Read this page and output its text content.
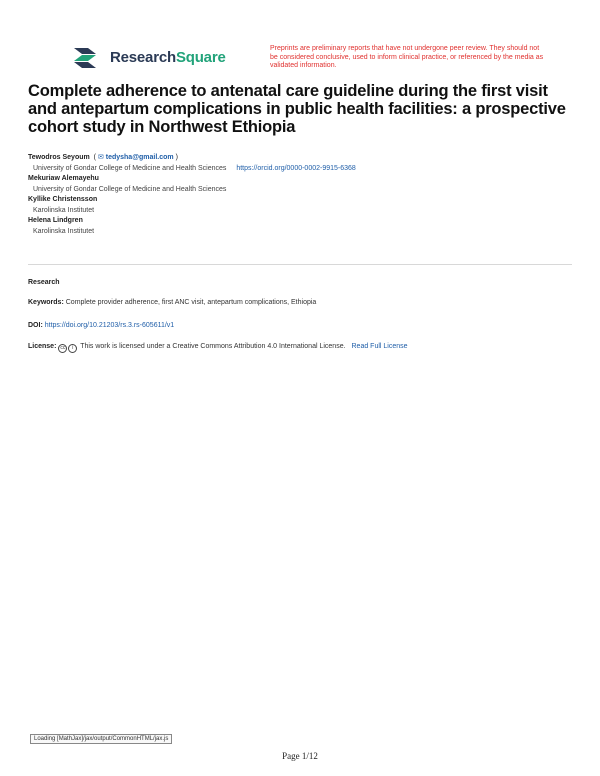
ResearchSquare	Preprints are preliminary reports that have not undergone peer review. They should not be considered conclusive, used to inform clinical practice, or referenced by the media as validated information.
Complete adherence to antenatal care guideline during the first visit and antepartum complications in public health facilities: a prospective cohort study in Northwest Ethiopia
Tewodros Seyoum  ( ✉ tedysha@gmail.com )
University of Gondar College of Medicine and Health Sciences https://orcid.org/0000-0002-9915-6368
Mekuriaw Alemayehu
University of Gondar College of Medicine and Health Sciences
Kyllike Christensson
Karolinska Institutet
Helena Lindgren
Karolinska Institutet
Research
Keywords: Complete provider adherence, first ANC visit, antepartum complications, Ethiopia
DOI: https://doi.org/10.21203/rs.3.rs-605611/v1
License: cc i This work is licensed under a Creative Commons Attribution 4.0 International License. Read Full License
Loading [MathJax]/jax/output/CommonHTML/jax.js
Page 1/12
